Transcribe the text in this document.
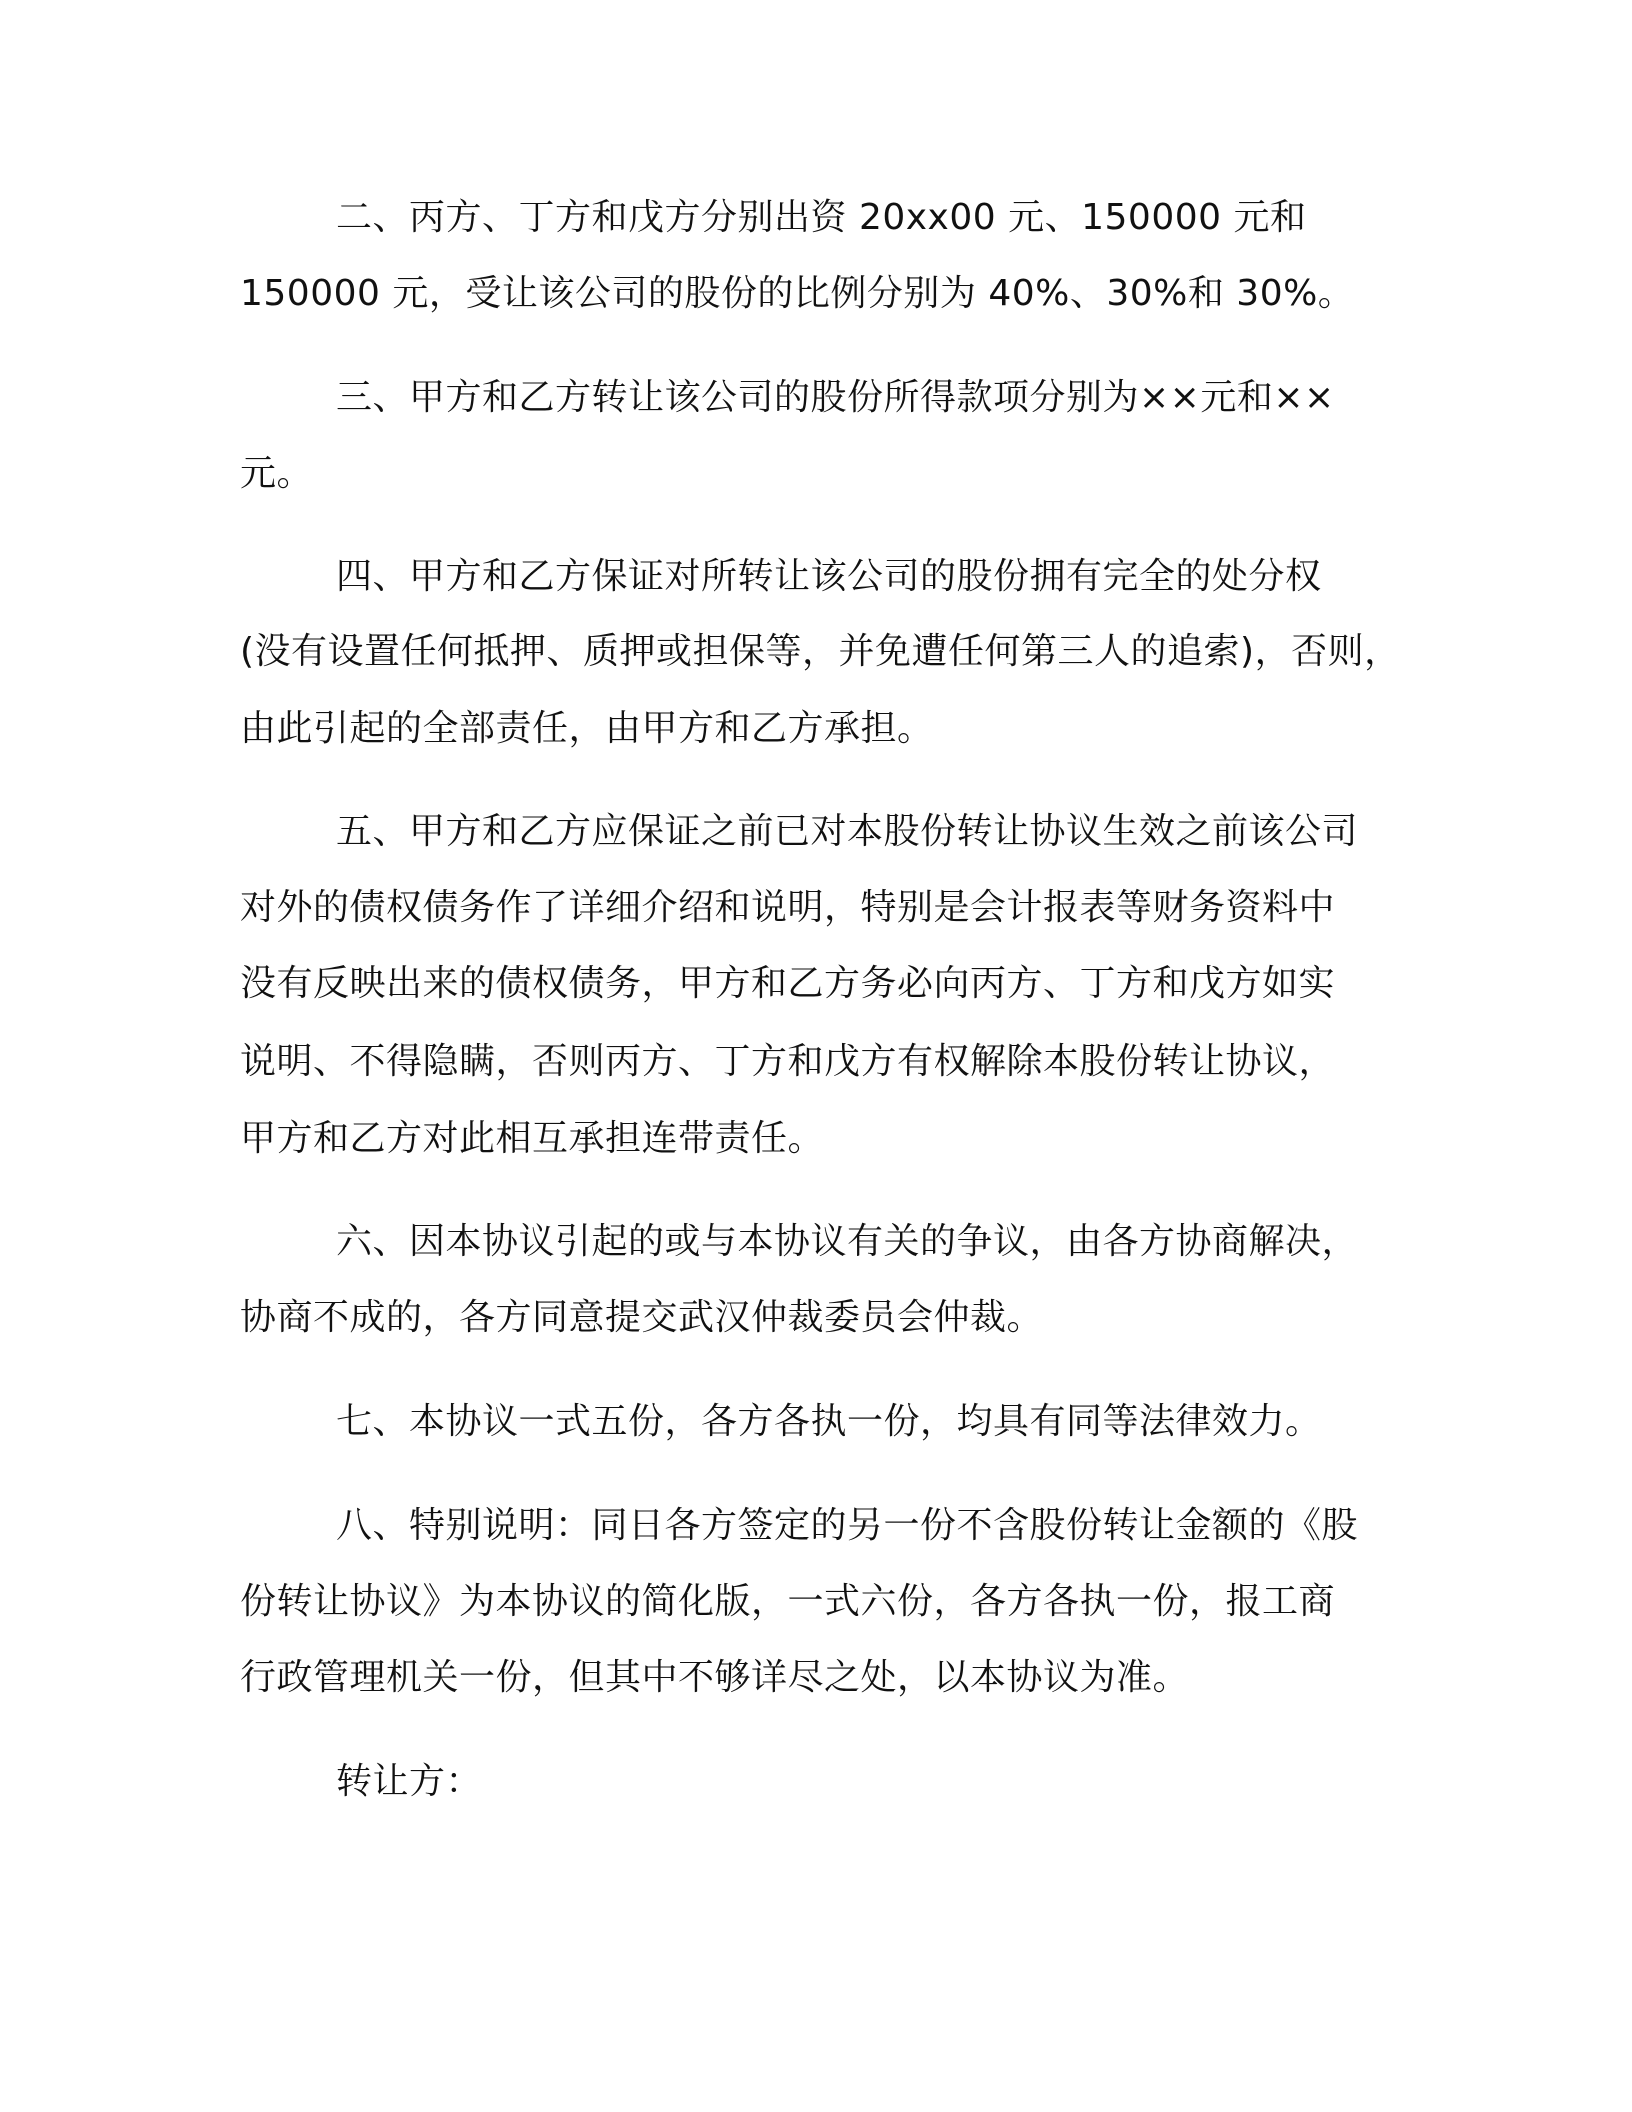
二、丙方、丁方和戊方分别出资 20xx00 元、150000 元和
150000 元，受让该公司的股份的比例分别为 40%、30%和 30%。
三、甲方和乙方转让该公司的股份所得款项分别为××元和××
元。
四、甲方和乙方保证对所转让该公司的股份拥有完全的处分权
(没有设置任何抵押、质押或担保等，并免遭任何第三人的追索)，否则，
由此引起的全部责任，由甲方和乙方承担。
五、甲方和乙方应保证之前已对本股份转让协议生效之前该公司
对外的债权债务作了详细介绍和说明，特别是会计报表等财务资料中
没有反映出来的债权债务，甲方和乙方务必向丙方、丁方和戊方如实
说明、不得隐瞒，否则丙方、丁方和戊方有权解除本股份转让协议，
甲方和乙方对此相互承担连带责任。
六、因本协议引起的或与本协议有关的争议，由各方协商解决，
协商不成的，各方同意提交武汉仲裁委员会仲裁。
七、本协议一式五份，各方各执一份，均具有同等法律效力。
八、特别说明：同日各方签定的另一份不含股份转让金额的《股
份转让协议》为本协议的简化版，一式六份，各方各执一份，报工商
行政管理机关一份，但其中不够详尽之处，以本协议为准。
转让方：
